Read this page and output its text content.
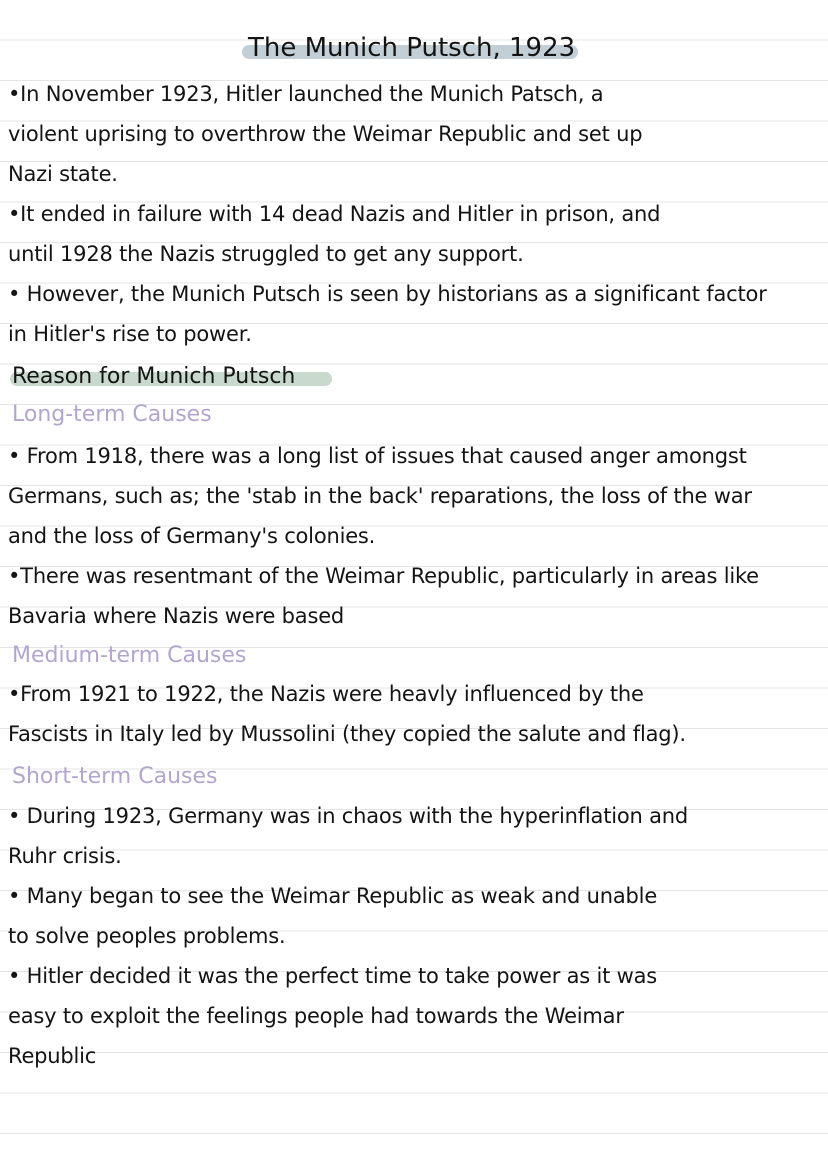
The Munich Putsch, 1923
•In November 1923, Hitler launched the Munich Patsch, a
violent uprising to overthrow the Weimar Republic and set up
Nazi state.
•It ended in failure with 14 dead Nazis and Hitler in prison, and
until 1928 the Nazis struggled to get any support.
• However, the Munich Putsch is seen by historians as a significant factor
in Hitler's rise to power.
Reason for Munich Putsch
Long-term Causes
• From 1918, there was a long list of issues that caused anger amongst
Germans, such as; the 'stab in the back' reparations, the loss of the war
and the loss of Germany's colonies.
•There was resentmant of the Weimar Republic, particularly in areas like
Bavaria where Nazis were based
Medium-term Causes
•From 1921 to 1922, the Nazis were heavly influenced by the
Fascists in Italy led by Mussolini (they copied the salute and flag).
Short-term Causes
• During 1923, Germany was in chaos with the hyperinflation and
Ruhr crisis.
• Many began to see the Weimar Republic as weak and unable
to solve peoples problems.
• Hitler decided it was the perfect time to take power as it was
easy to exploit the feelings people had towards the Weimar
Republic
